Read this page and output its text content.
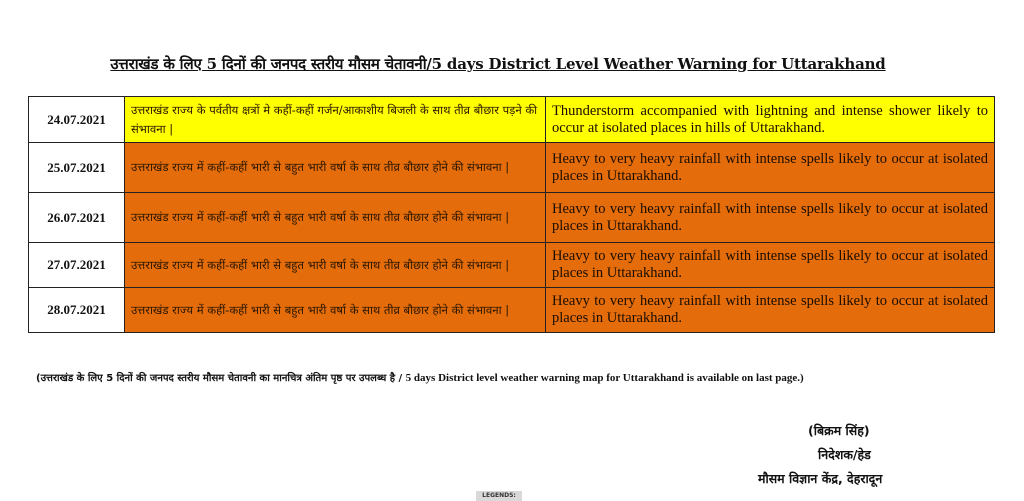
उत्तराखंड के लिए 5 दिनों की जनपद स्तरीय मौसम चेतावनी/5 days District Level Weather Warning for Uttarakhand
24.07.2021	उत्तराखंड राज्य के पर्वतीय क्षत्रों मे कहीं-कहीं गर्जन/आकाशीय बिजली के साथ तीव्र बौछार पड़ने की संभावना |	Thunderstorm accompanied with lightning and intense shower likely to occur at isolated places in hills of Uttarakhand.
25.07.2021	उत्तराखंड राज्य में कहीं-कहीं भारी से बहुत भारी वर्षा के साथ तीव्र बौछार होने की संभावना |	Heavy to very heavy rainfall with intense spells likely to occur at isolated places in Uttarakhand.
26.07.2021	उत्तराखंड राज्य में कहीं-कहीं भारी से बहुत भारी वर्षा के साथ तीव्र बौछार होने की संभावना |	Heavy to very heavy rainfall with intense spells likely to occur at isolated places in Uttarakhand.
27.07.2021	उत्तराखंड राज्य में कहीं-कहीं भारी से बहुत भारी वर्षा के साथ तीव्र बौछार होने की संभावना |	Heavy to very heavy rainfall with intense spells likely to occur at isolated places in Uttarakhand.
28.07.2021	उत्तराखंड राज्य में कहीं-कहीं भारी से बहुत भारी वर्षा के साथ तीव्र बौछार होने की संभावना |	Heavy to very heavy rainfall with intense spells likely to occur at isolated places in Uttarakhand.
(उत्तराखंड के लिए 5 दिनों की जनपद स्तरीय मौसम चेतावनी का मानचित्र अंतिम पृष्ठ पर उपलब्ध है / 5 days District level weather warning map for Uttarakhand is available on last page.)
(बिक्रम सिंह)
निदेशक/हेड
मौसम विज्ञान केंद्र, देहरादून
LEGENDS:
